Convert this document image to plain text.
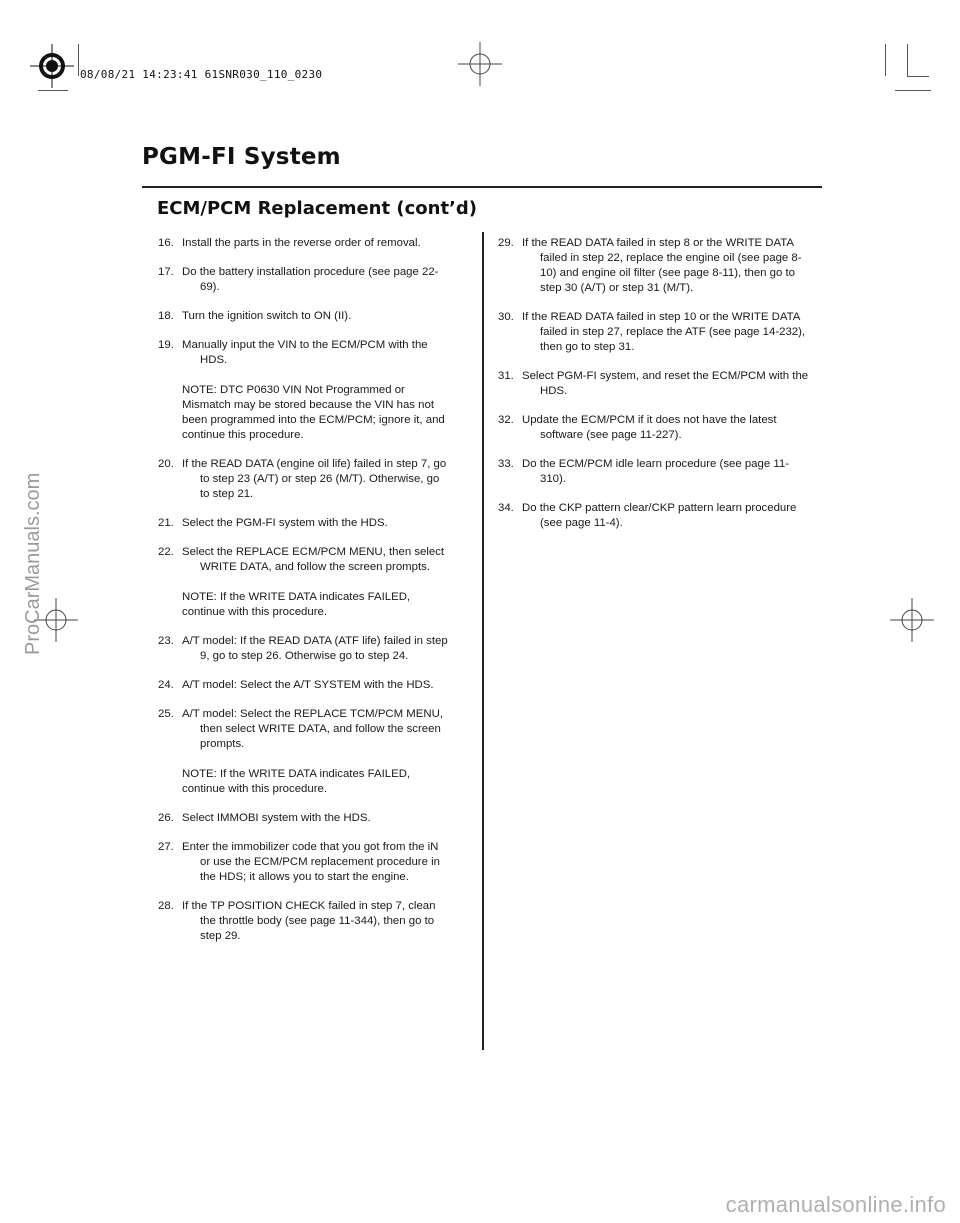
08/08/21 14:23:41 61SNR030_110_0230
PGM-FI System
ECM/PCM Replacement (cont’d)
16. Install the parts in the reverse order of removal.
17. Do the battery installation procedure (see page 22-69).
18. Turn the ignition switch to ON (II).
19. Manually input the VIN to the ECM/PCM with the HDS.
NOTE: DTC P0630 VIN Not Programmed or Mismatch may be stored because the VIN has not been programmed into the ECM/PCM; ignore it, and continue this procedure.
20. If the READ DATA (engine oil life) failed in step 7, go to step 23 (A/T) or step 26 (M/T). Otherwise, go to step 21.
21. Select the PGM-FI system with the HDS.
22. Select the REPLACE ECM/PCM MENU, then select WRITE DATA, and follow the screen prompts.
NOTE: If the WRITE DATA indicates FAILED, continue with this procedure.
23. A/T model: If the READ DATA (ATF life) failed in step 9, go to step 26. Otherwise go to step 24.
24. A/T model: Select the A/T SYSTEM with the HDS.
25. A/T model: Select the REPLACE TCM/PCM MENU, then select WRITE DATA, and follow the screen prompts.
NOTE: If the WRITE DATA indicates FAILED, continue with this procedure.
26. Select IMMOBI system with the HDS.
27. Enter the immobilizer code that you got from the iN or use the ECM/PCM replacement procedure in the HDS; it allows you to start the engine.
28. If the TP POSITION CHECK failed in step 7, clean the throttle body (see page 11-344), then go to step 29.
29. If the READ DATA failed in step 8 or the WRITE DATA failed in step 22, replace the engine oil (see page 8-10) and engine oil filter (see page 8-11), then go to step 30 (A/T) or step 31 (M/T).
30. If the READ DATA failed in step 10 or the WRITE DATA failed in step 27, replace the ATF (see page 14-232), then go to step 31.
31. Select PGM-FI system, and reset the ECM/PCM with the HDS.
32. Update the ECM/PCM if it does not have the latest software (see page 11-227).
33. Do the ECM/PCM idle learn procedure (see page 11-310).
34. Do the CKP pattern clear/CKP pattern learn procedure (see page 11-4).
ProCarManuals.com
carmanualsonline.info
